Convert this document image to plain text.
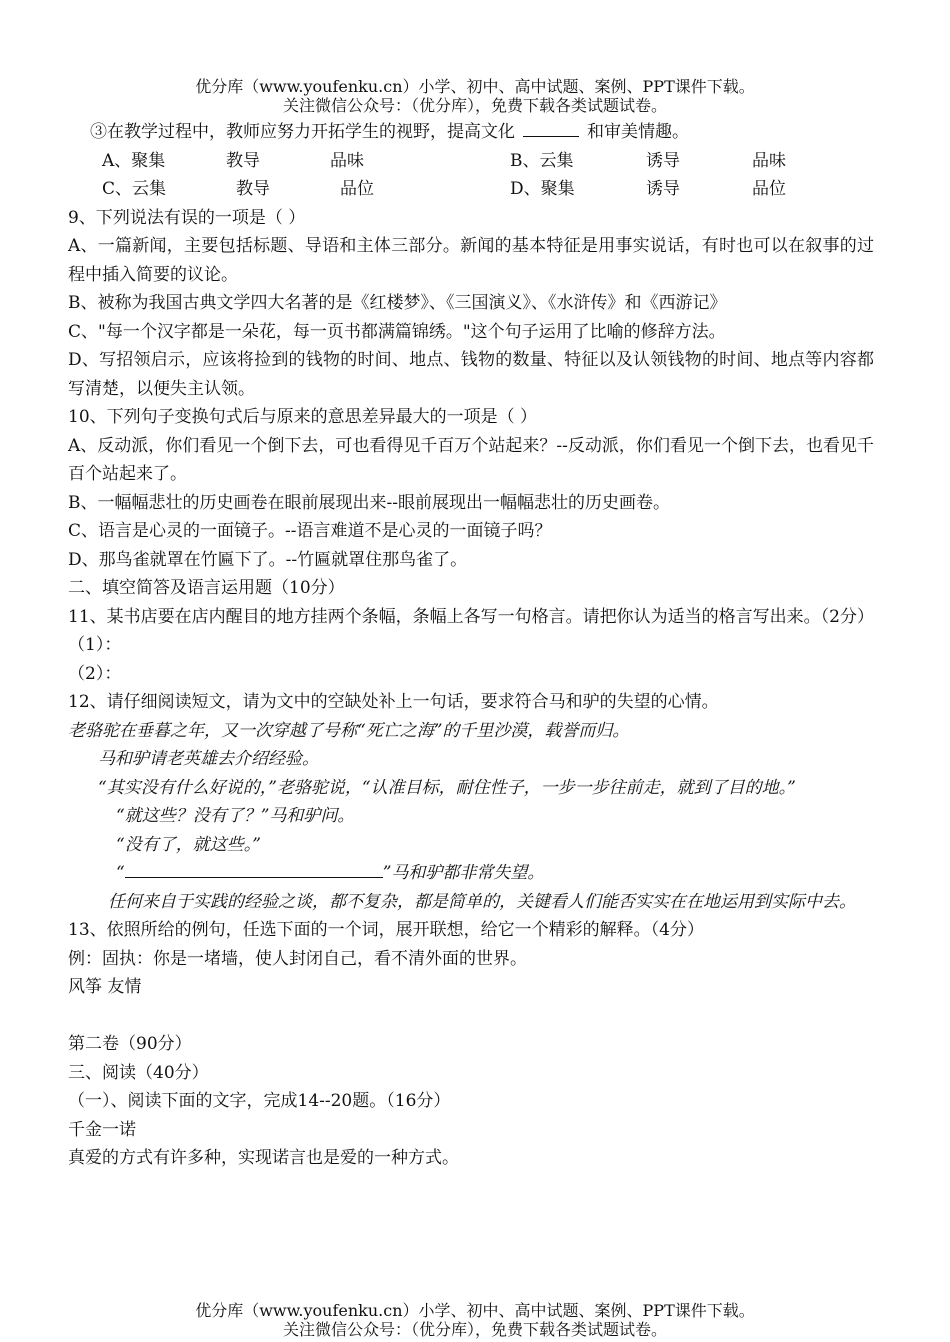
优分库（www.youfenku.cn）小学、初中、高中试题、案例、PPT课件下载。
关注微信公众号：（优分库），免费下载各类试题试卷。
③在教学过程中，教师应努力开拓学生的视野，提高文化	和审美情趣。
A、聚集	教导	品味	B、云集	诱导	品味
C、云集	教导	品位	D、聚集	诱导	品位
9、下列说法有误的一项是（ ）
A、一篇新闻，主要包括标题、导语和主体三部分。新闻的基本特征是用事实说话，有时也可以在叙事的过程中插入简要的议论。
B、被称为我国古典文学四大名著的是《红楼梦》、《三国演义》、《水浒传》和《西游记》
C、"每一个汉字都是一朵花，每一页书都满篇锦绣。"这个句子运用了比喻的修辞方法。
D、写招领启示，应该将捡到的钱物的时间、地点、钱物的数量、特征以及认领钱物的时间、地点等内容都写清楚，以便失主认领。
10、下列句子变换句式后与原来的意思差异最大的一项是（ ）
A、反动派，你们看见一个倒下去，可也看得见千百万个站起来？--反动派，你们看见一个倒下去，也看见千百个站起来了。
B、一幅幅悲壮的历史画卷在眼前展现出来--眼前展现出一幅幅悲壮的历史画卷。
C、语言是心灵的一面镜子。--语言难道不是心灵的一面镜子吗？
D、那鸟雀就罩在竹匾下了。--竹匾就罩住那鸟雀了。
二、填空简答及语言运用题（10分）
11、某书店要在店内醒目的地方挂两个条幅，条幅上各写一句格言。请把你认为适当的格言写出来。（2分）
（1）：
（2）：
12、请仔细阅读短文，请为文中的空缺处补上一句话，要求符合马和驴的失望的心情。
老骆驼在垂暮之年，又一次穿越了号称“死亡之海”的千里沙漠，载誉而归。
马和驴请老英雄去介绍经验。
“其实没有什么好说的，”老骆驼说，“认准目标，耐住性子，一步一步往前走，就到了目的地。”
“就这些？没有了？”马和驴问。
“没有了，就这些。”
“	”马和驴都非常失望。
任何来自于实践的经验之谈，都不复杂，都是简单的，关键看人们能否实实在在地运用到实际中去。
13、依照所给的例句，任选下面的一个词，展开联想，给它一个精彩的解释。（4分）
例：固执：你是一堵墙，使人封闭自己，看不清外面的世界。
风筝 友情
第二卷（90分）
三、阅读（40分）
（一）、阅读下面的文字，完成14--20题。（16分）
千金一诺
真爱的方式有许多种，实现诺言也是爱的一种方式。
优分库（www.youfenku.cn）小学、初中、高中试题、案例、PPT课件下载。
关注微信公众号：（优分库），免费下载各类试题试卷。
